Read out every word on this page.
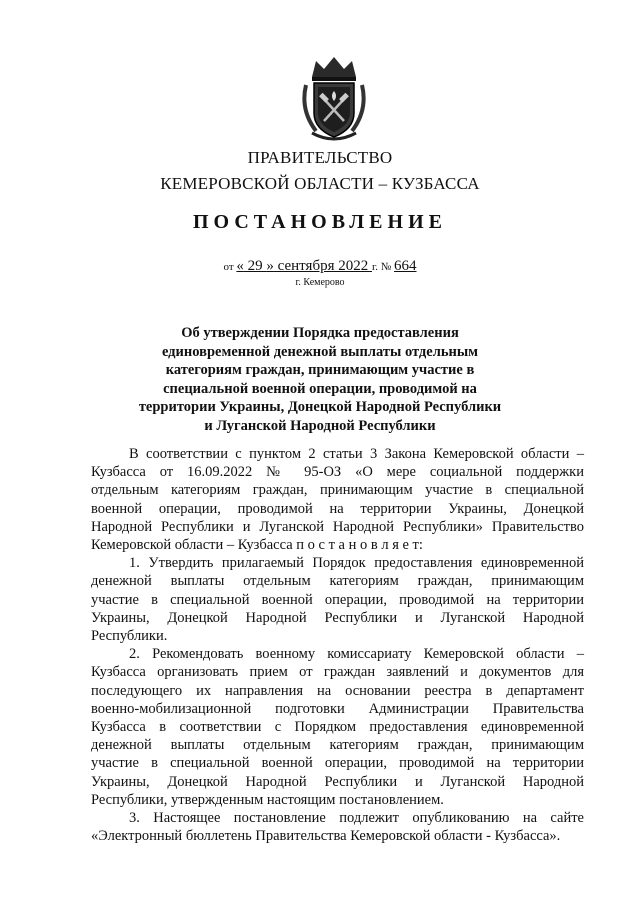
ПРАВИТЕЛЬСТВО
КЕМЕРОВСКОЙ ОБЛАСТИ – КУЗБАССА
ПОСТАНОВЛЕНИЕ
от « 29 » сентября 2022 г. № 664
г. Кемерово
Об утверждении Порядка предоставления
единовременной денежной выплаты отдельным
категориям граждан, принимающим участие в
специальной военной операции, проводимой на
территории Украины, Донецкой Народной Республики
и Луганской Народной Республики
В соответствии с пунктом 2 статьи 3 Закона Кемеровской области –
Кузбасса от 16.09.2022 № 95-ОЗ «О мере социальной поддержки
отдельным категориям граждан, принимающим участие в специальной
военной операции, проводимой на территории Украины, Донецкой
Народной Республики и Луганской Народной Республики» Правительство
Кемеровской области – Кузбасса п о с т а н о в л я е т:
1. Утвердить прилагаемый Порядок предоставления единовременной
денежной выплаты отдельным категориям граждан, принимающим
участие в специальной военной операции, проводимой на территории
Украины, Донецкой Народной Республики и Луганской Народной
Республики.
2. Рекомендовать военному комиссариату Кемеровской области –
Кузбасса организовать прием от граждан заявлений и документов для
последующего их направления на основании реестра в департамент
военно-мобилизационной подготовки Администрации Правительства
Кузбасса в соответствии с Порядком предоставления единовременной
денежной выплаты отдельным категориям граждан, принимающим
участие в специальной военной операции, проводимой на территории
Украины, Донецкой Народной Республики и Луганской Народной
Республики, утвержденным настоящим постановлением.
3. Настоящее постановление подлежит опубликованию на сайте
«Электронный бюллетень Правительства Кемеровской области - Кузбасса».
